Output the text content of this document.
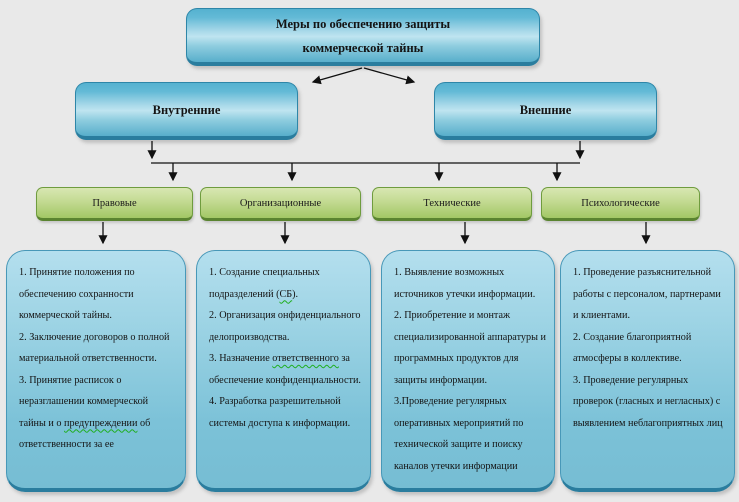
Меры по обеспечению защиты
коммерческой тайны
Внутренние	Внешние
Правовые	Организационные	Технические	Психологические

1. Принятие положения по обеспечению сохранности коммерческой тайны.

2. Заключение договоров о полной материальной ответственности.

3. Принятие расписок о неразглашении коммерческой тайны и о предупреждении об ответственности за ее

1. Создание специальных подразделений (СБ).

2. Организация онфиденциального делопроизводства.

3. Назначение ответственного за обеспечение конфиденциальности.

4. Разработка разрешительной системы доступа к информации.

1. Выявление возможных источников утечки информации.

2. Приобретение и монтаж специализированной аппаратуры и программных продуктов для защиты информации.

3.Проведение регулярных оперативных мероприятий по технической защите и поиску каналов утечки информации

1. Проведение разъяснительной работы с персоналом, партнерами и клиентами.

2. Создание благоприятной атмосферы в коллективе.

3. Проведение регулярных проверок (гласных и негласных) с выявлением неблагоприятных лиц
